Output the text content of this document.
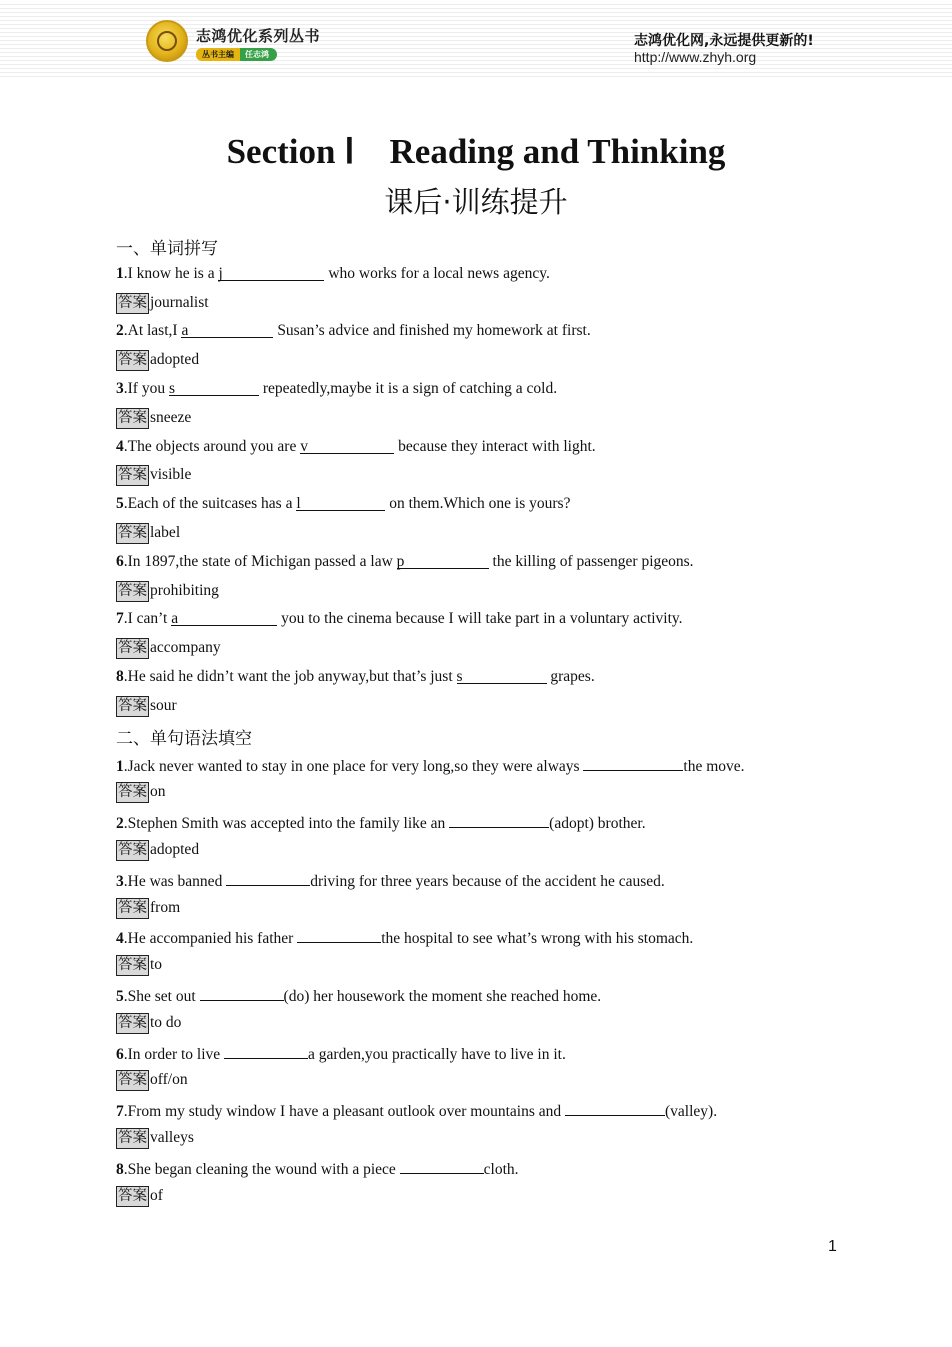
志鸿优化系列丛书
丛书主编	任志鸿
志鸿优化网,永远提供更新的!
http://www.zhyh.org
Section Ⅰ　Reading and Thinking
课后·训练提升
一、单词拼写
1.I know he is a j	who works for a local news agency.
答案 journalist
2.At last,I a	Susan’s advice and finished my homework at first.
答案 adopted
3.If you s	repeatedly,maybe it is a sign of catching a cold.
答案 sneeze
4.The objects around you are v	because they interact with light.
答案 visible
5.Each of the suitcases has a l	on them.Which one is yours?
答案 label
6.In 1897,the state of Michigan passed a law p	the killing of passenger pigeons.
答案 prohibiting
7.I can’t a	you to the cinema because I will take part in a voluntary activity.
答案 accompany
8.He said he didn’t want the job anyway,but that’s just s	grapes.
答案 sour
二、单句语法填空
1.Jack never wanted to stay in one place for very long,so they were always	the move.
答案 on
2.Stephen Smith was accepted into the family like an	(adopt) brother.
答案 adopted
3.He was banned	driving for three years because of the accident he caused.
答案 from
4.He accompanied his father	the hospital to see what’s wrong with his stomach.
答案 to
5.She set out	(do) her housework the moment she reached home.
答案 to do
6.In order to live	a garden,you practically have to live in it.
答案 off/on
7.From my study window I have a pleasant outlook over mountains and	(valley).
答案 valleys
8.She began cleaning the wound with a piece	cloth.
答案 of
1
